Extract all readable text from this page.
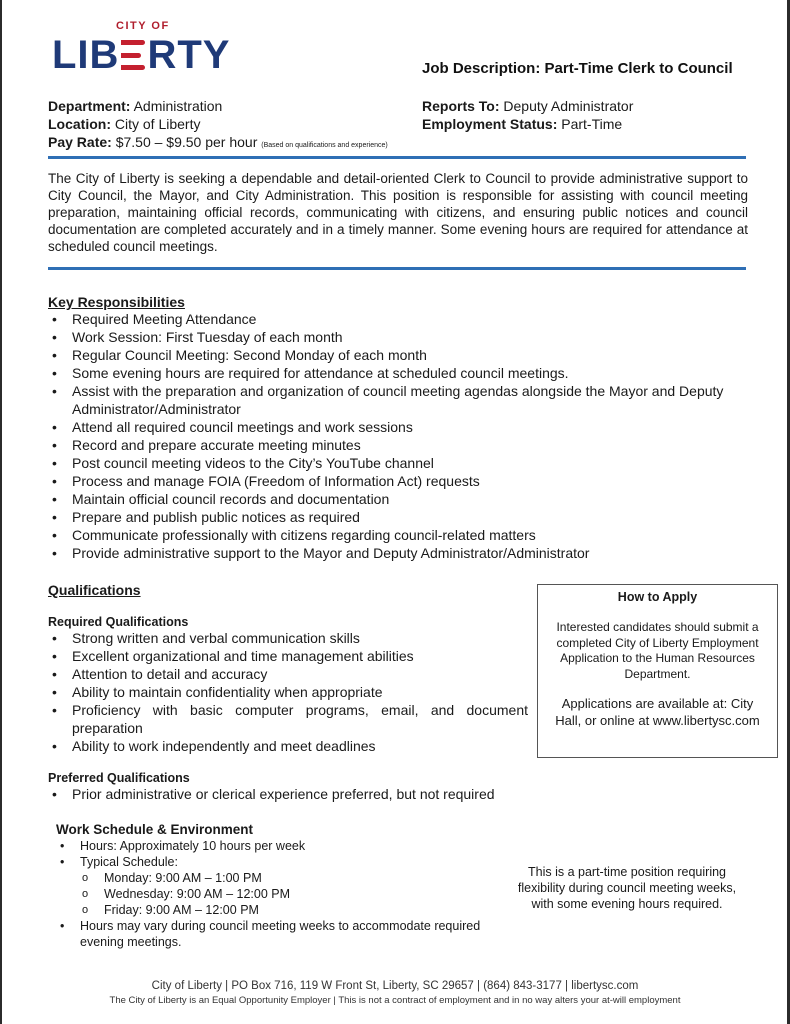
CITY OF
LIB RTY	Job Description: Part-Time Clerk to Council
Department: Administration
Location: City of Liberty
Pay Rate: $7.50 – $9.50 per hour (Based on qualifications and experience)
Reports To: Deputy Administrator
Employment Status: Part-Time
The City of Liberty is seeking a dependable and detail-oriented Clerk to Council to provide administrative support to City Council, the Mayor, and City Administration. This position is responsible for assisting with council meeting preparation, maintaining official records, communicating with citizens, and ensuring public notices and council documentation are completed accurately and in a timely manner. Some evening hours are required for attendance at scheduled council meetings.
Key Responsibilities
• Required Meeting Attendance
• Work Session: First Tuesday of each month
• Regular Council Meeting: Second Monday of each month
• Some evening hours are required for attendance at scheduled council meetings.
• Assist with the preparation and organization of council meeting agendas alongside the Mayor and Deputy Administrator/Administrator
• Attend all required council meetings and work sessions
• Record and prepare accurate meeting minutes
• Post council meeting videos to the City’s YouTube channel
• Process and manage FOIA (Freedom of Information Act) requests
• Maintain official council records and documentation
• Prepare and publish public notices as required
• Communicate professionally with citizens regarding council-related matters
• Provide administrative support to the Mayor and Deputy Administrator/Administrator
Qualifications
Required Qualifications
• Strong written and verbal communication skills
• Excellent organizational and time management abilities
• Attention to detail and accuracy
• Ability to maintain confidentiality when appropriate
• Proficiency with basic computer programs, email, and document preparation
• Ability to work independently and meet deadlines
Preferred Qualifications
• Prior administrative or clerical experience preferred, but not required
How to Apply
Interested candidates should submit a completed City of Liberty Employment Application to the Human Resources Department.
Applications are available at: City Hall, or online at www.libertysc.com
Work Schedule & Environment
• Hours: Approximately 10 hours per week
• Typical Schedule:
o Monday: 9:00 AM – 1:00 PM
o Wednesday: 9:00 AM – 12:00 PM
o Friday: 9:00 AM – 12:00 PM
• Hours may vary during council meeting weeks to accommodate required evening meetings.
This is a part-time position requiring flexibility during council meeting weeks, with some evening hours required.
City of Liberty | PO Box 716, 119 W Front St, Liberty, SC 29657 | (864) 843-3177 | libertysc.com
The City of Liberty is an Equal Opportunity Employer | This is not a contract of employment and in no way alters your at-will employment
